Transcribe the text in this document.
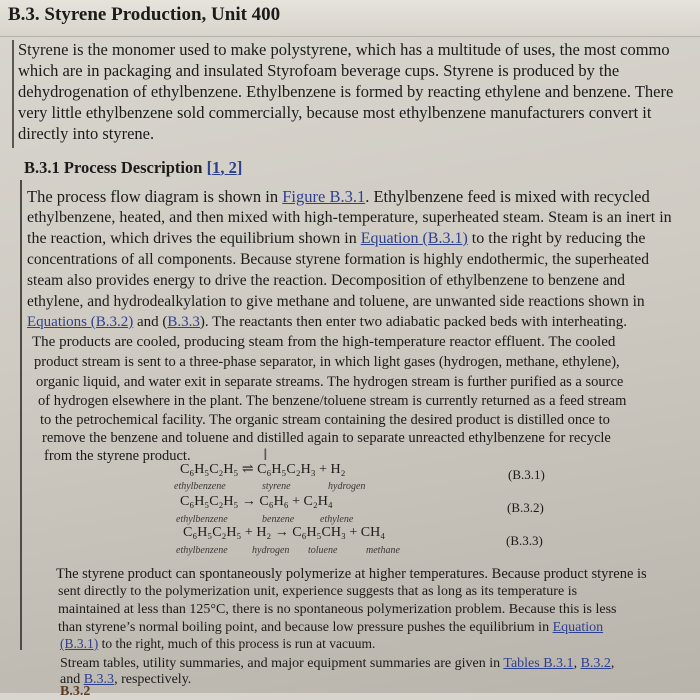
B.3. Styrene Production, Unit 400
Styrene is the monomer used to make polystyrene, which has a multitude of uses, the most commo
which are in packaging and insulated Styrofoam beverage cups. Styrene is produced by the
dehydrogenation of ethylbenzene. Ethylbenzene is formed by reacting ethylene and benzene. There
very little ethylbenzene sold commercially, because most ethylbenzene manufacturers convert it
directly into styrene.
B.3.1 Process Description [1, 2]
The process flow diagram is shown in Figure B.3.1. Ethylbenzene feed is mixed with recycled
ethylbenzene, heated, and then mixed with high-temperature, superheated steam. Steam is an inert in
the reaction, which drives the equilibrium shown in Equation (B.3.1) to the right by reducing the
concentrations of all components. Because styrene formation is highly endothermic, the superheated
steam also provides energy to drive the reaction. Decomposition of ethylbenzene to benzene and
ethylene, and hydrodealkylation to give methane and toluene, are unwanted side reactions shown in
Equations (B.3.2) and (B.3.3). The reactants then enter two adiabatic packed beds with interheating.
The products are cooled, producing steam from the high-temperature reactor effluent. The cooled
product stream is sent to a three-phase separator, in which light gases (hydrogen, methane, ethylene),
organic liquid, and water exit in separate streams. The hydrogen stream is further purified as a source
of hydrogen elsewhere in the plant. The benzene/toluene stream is currently returned as a feed stream
to the petrochemical facility. The organic stream containing the desired product is distilled once to
remove the benzene and toluene and distilled again to separate unreacted ethylbenzene for recycle
from the styrene product.	I
C₆H₅C₂H₅ ⇌ C₆H₅C₂H₃ + H₂
ethylbenzene	styrene	hydrogen
(B.3.1)
C₆H₅C₂H₅ → C₆H₆ + C₂H₄
ethylbenzene	benzene	ethylene
(B.3.2)
C₆H₅C₂H₅ + H₂ → C₆H₅CH₃ + CH₄
ethylbenzene hydrogen toluene	methane
(B.3.3)
The styrene product can spontaneously polymerize at higher temperatures. Because product styrene is
sent directly to the polymerization unit, experience suggests that as long as its temperature is
maintained at less than 125°C, there is no spontaneous polymerization problem. Because this is less
than styrene’s normal boiling point, and because low pressure pushes the equilibrium in Equation
(B.3.1) to the right, much of this process is run at vacuum.
Stream tables, utility summaries, and major equipment summaries are given in Tables B.3.1, B.3.2,
and B.3.3, respectively.
B.3.2
